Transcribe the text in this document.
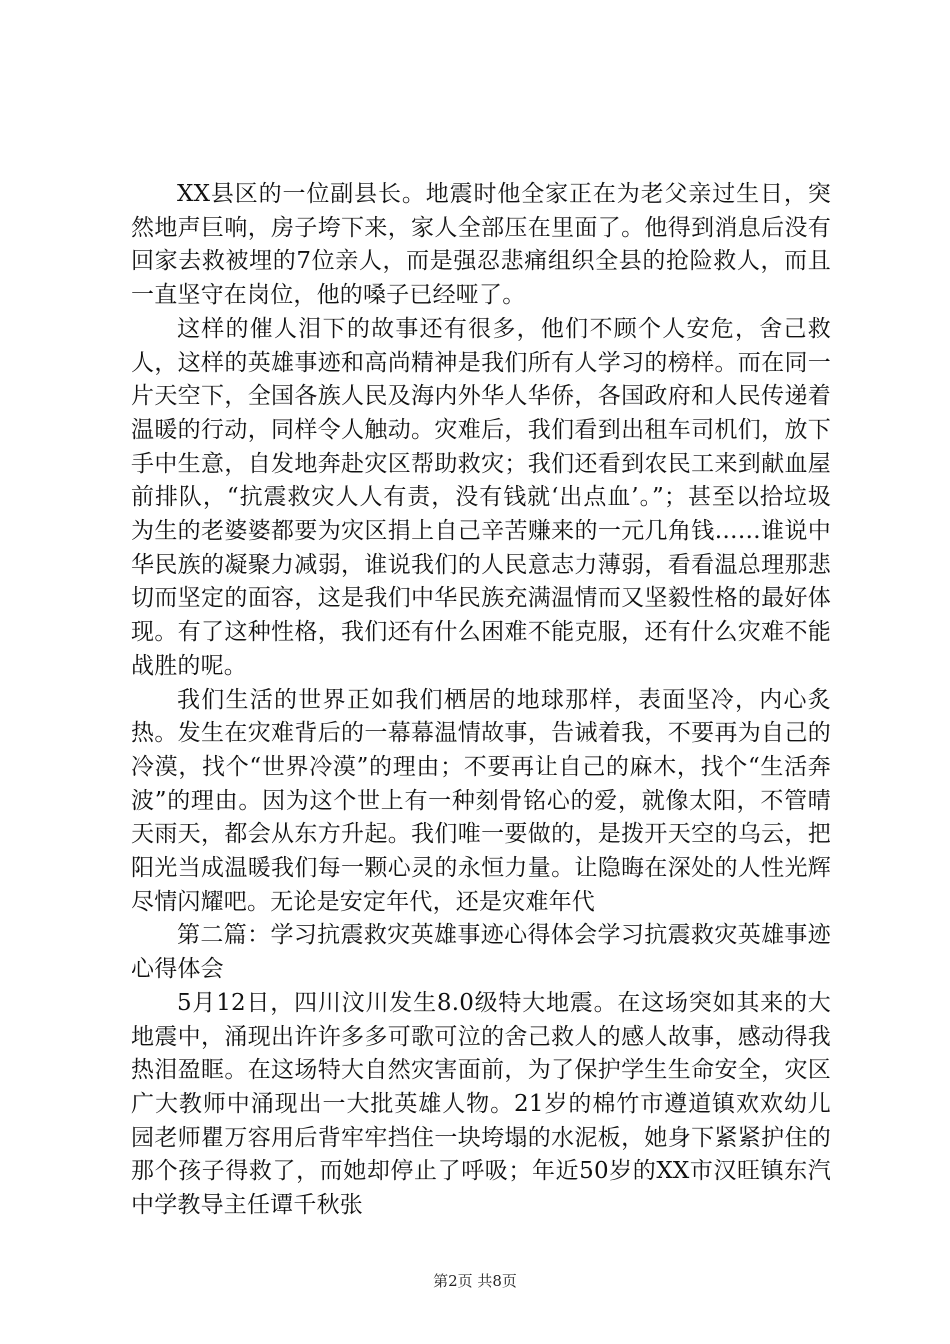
XX县区的一位副县长。地震时他全家正在为老父亲过生日，突然地声巨响，房子垮下来，家人全部压在里面了。他得到消息后没有回家去救被埋的7位亲人，而是强忍悲痛组织全县的抢险救人，而且一直坚守在岗位，他的嗓子已经哑了。

这样的催人泪下的故事还有很多，他们不顾个人安危，舍己救人，这样的英雄事迹和高尚精神是我们所有人学习的榜样。而在同一片天空下，全国各族人民及海内外华人华侨，各国政府和人民传递着温暖的行动，同样令人触动。灾难后，我们看到出租车司机们，放下手中生意，自发地奔赴灾区帮助救灾；我们还看到农民工来到献血屋前排队，“抗震救灾人人有责，没有钱就‘出点血’。”；甚至以拾垃圾为生的老婆婆都要为灾区捐上自己辛苦赚来的一元几角钱……谁说中华民族的凝聚力减弱，谁说我们的人民意志力薄弱，看看温总理那悲切而坚定的面容，这是我们中华民族充满温情而又坚毅性格的最好体现。有了这种性格，我们还有什么困难不能克服，还有什么灾难不能战胜的呢。

我们生活的世界正如我们栖居的地球那样，表面坚冷，内心炙热。发生在灾难背后的一幕幕温情故事，告诫着我，不要再为自己的冷漠，找个“世界冷漠”的理由；不要再让自己的麻木，找个“生活奔波”的理由。因为这个世上有一种刻骨铭心的爱，就像太阳，不管晴天雨天，都会从东方升起。我们唯一要做的，是拨开天空的乌云，把阳光当成温暖我们每一颗心灵的永恒力量。让隐晦在深处的人性光辉尽情闪耀吧。无论是安定年代，还是灾难年代

第二篇：学习抗震救灾英雄事迹心得体会学习抗震救灾英雄事迹心得体会

5月12日，四川汶川发生8.0级特大地震。在这场突如其来的大地震中，涌现出许许多多可歌可泣的舍己救人的感人故事，感动得我热泪盈眶。在这场特大自然灾害面前，为了保护学生生命安全，灾区广大教师中涌现出一大批英雄人物。21岁的棉竹市遵道镇欢欢幼儿园老师瞿万容用后背牢牢挡住一块垮塌的水泥板，她身下紧紧护住的那个孩子得救了，而她却停止了呼吸；年近50岁的XX市汉旺镇东汽中学教导主任谭千秋张

第2页 共8页
